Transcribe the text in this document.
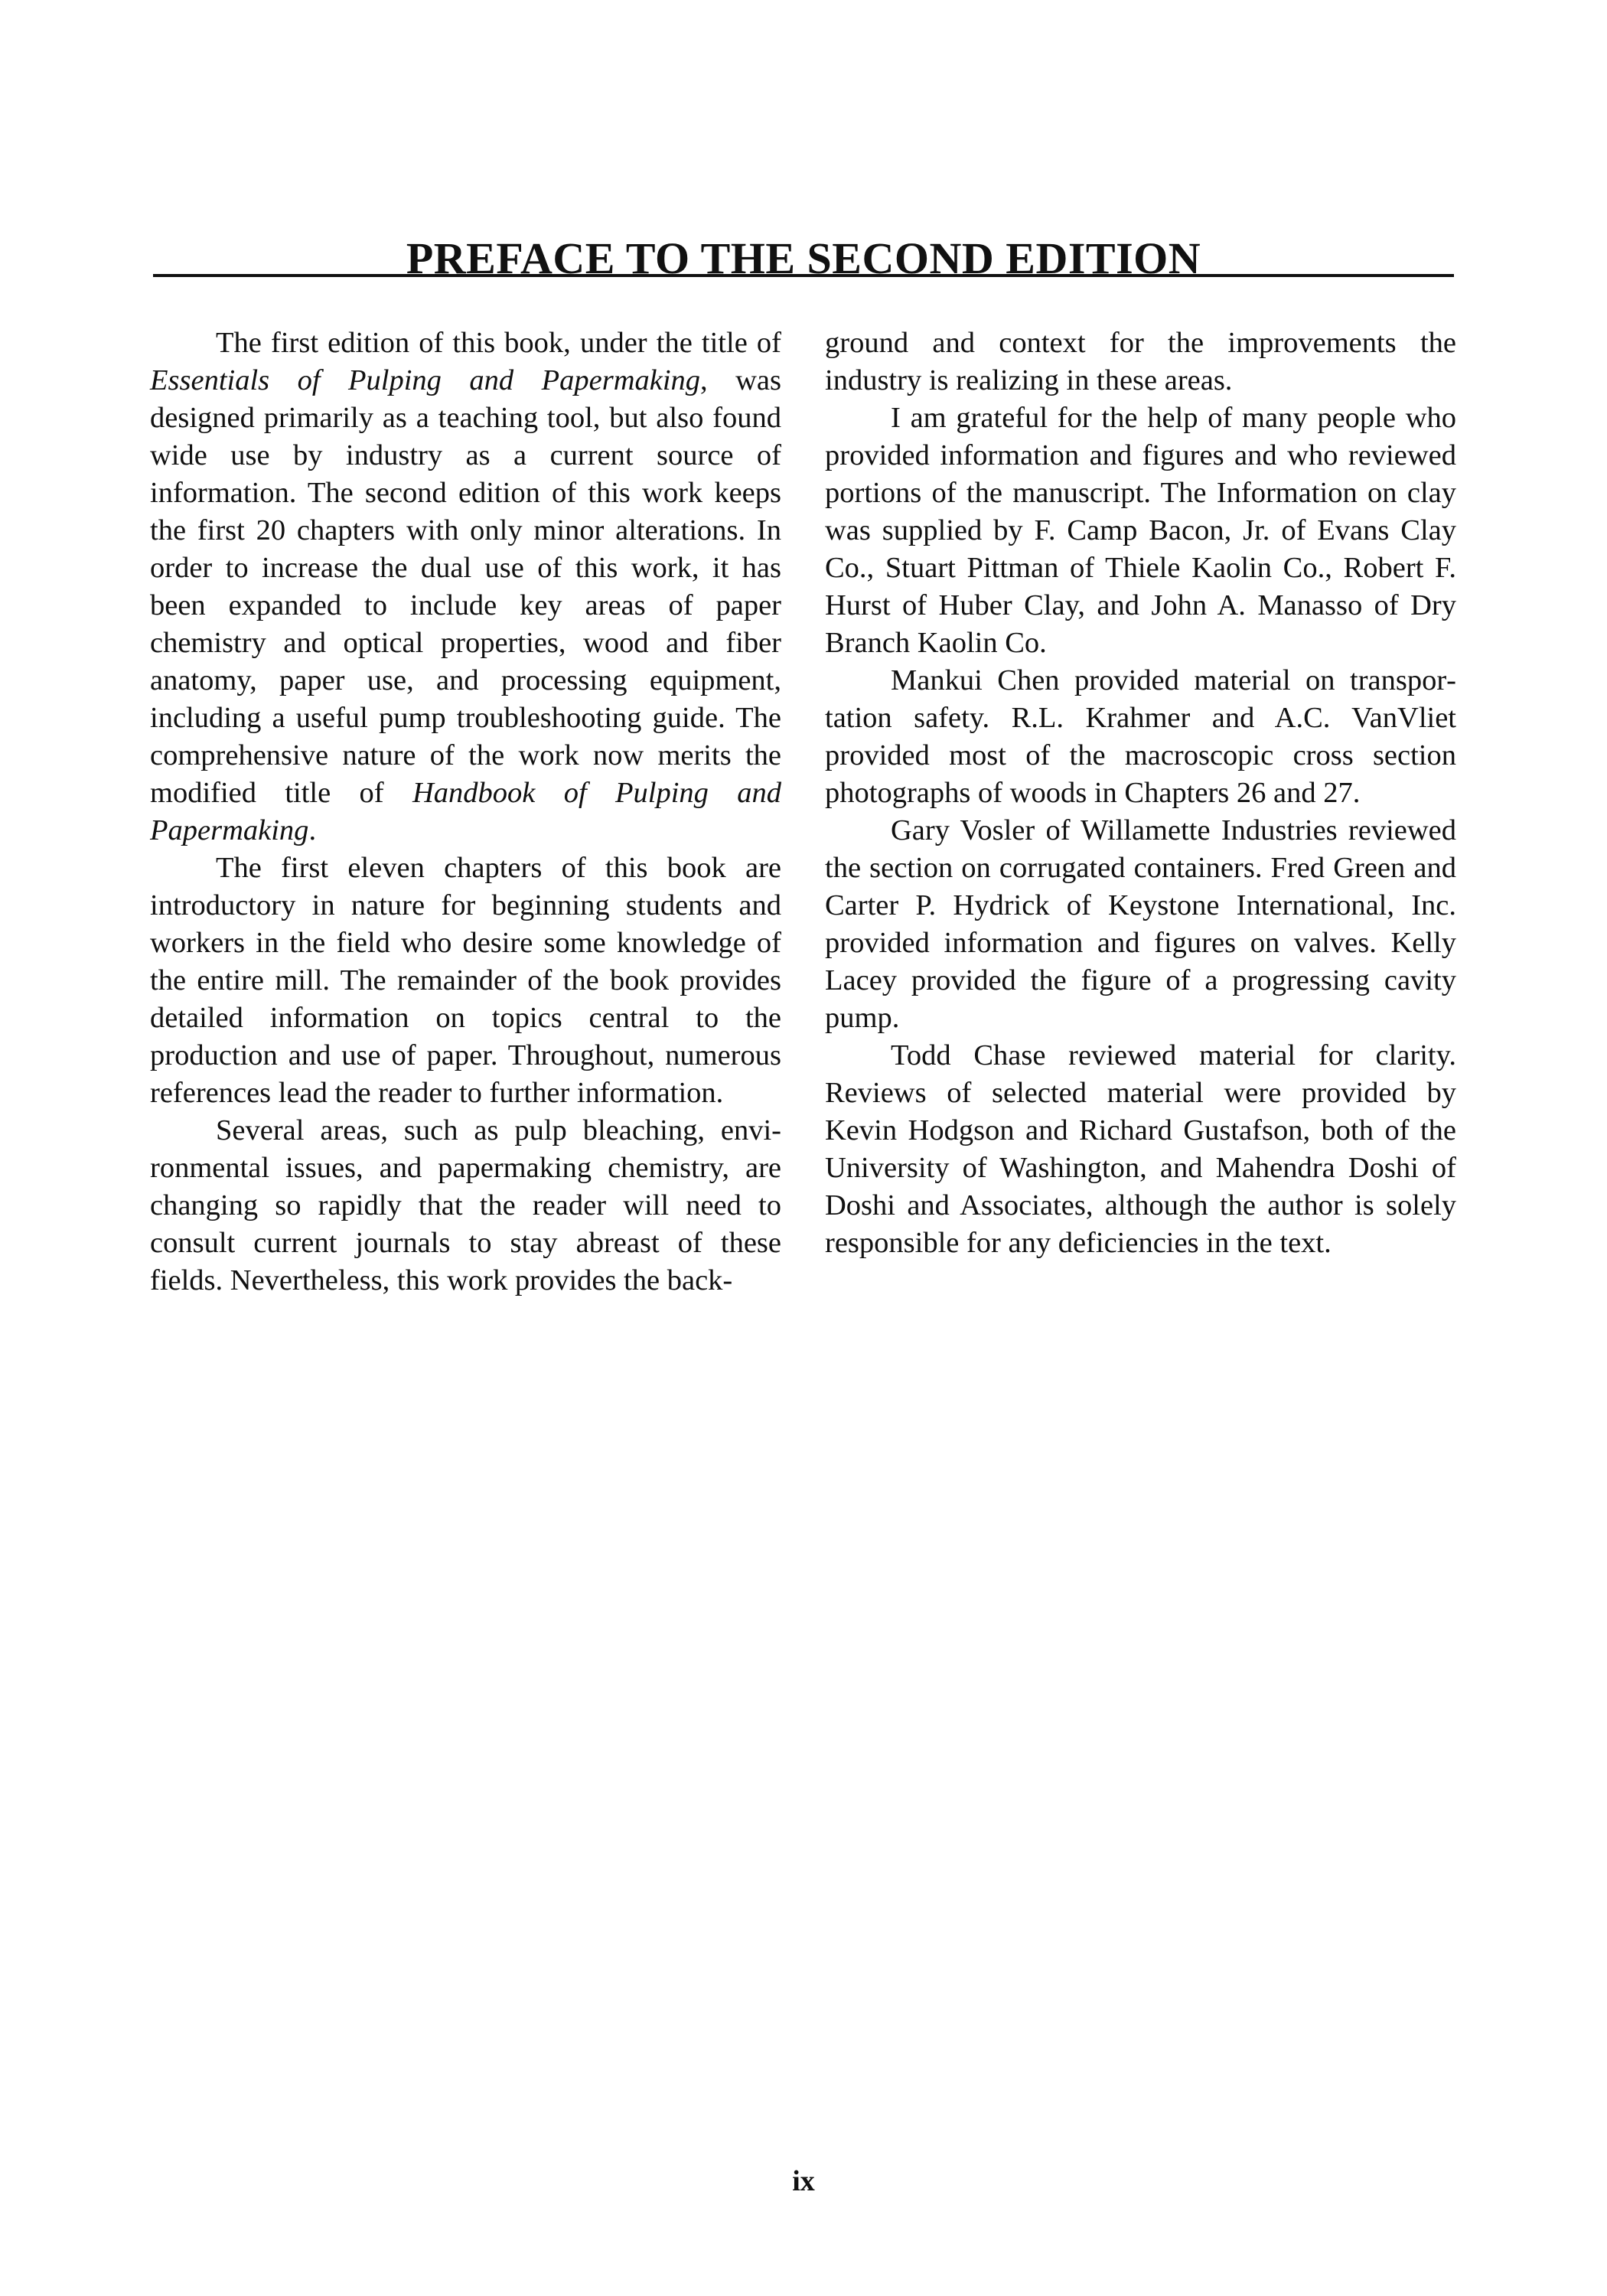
PREFACE TO THE SECOND EDITION

The first edition of this book, under the title of Essentials of Pulping and Papermaking, was designed primarily as a teaching tool, but also found wide use by industry as a current source of information. The second edition of this work keeps the first 20 chapters with only minor alterations. In order to increase the dual use of this work, it has been expanded to include key areas of paper chemistry and optical properties, wood and fiber anatomy, paper use, and processing equipment, including a useful pump troubleshooting guide. The comprehensive nature of the work now merits the modified title of Handbook of Pulping and Papermaking.

The first eleven chapters of this book are introductory in nature for beginning students and workers in the field who desire some knowledge of the entire mill. The remainder of the book provides detailed information on topics central to the production and use of paper. Throughout, numerous references lead the reader to further information.

Several areas, such as pulp bleaching, environmental issues, and papermaking chemistry, are changing so rapidly that the reader will need to consult current journals to stay abreast of these fields. Nevertheless, this work provides the back-

ground and context for the improvements the industry is realizing in these areas.

I am grateful for the help of many people who provided information and figures and who reviewed portions of the manuscript. The Information on clay was supplied by F. Camp Bacon, Jr. of Evans Clay Co., Stuart Pittman of Thiele Kaolin Co., Robert F. Hurst of Huber Clay, and John A. Manasso of Dry Branch Kaolin Co.

Mankui Chen provided material on transportation safety. R.L. Krahmer and A.C. VanVliet provided most of the macroscopic cross section photographs of woods in Chapters 26 and 27.

Gary Vosler of Willamette Industries reviewed the section on corrugated containers. Fred Green and Carter P. Hydrick of Keystone International, Inc. provided information and figures on valves. Kelly Lacey provided the figure of a progressing cavity pump.

Todd Chase reviewed material for clarity. Reviews of selected material were provided by Kevin Hodgson and Richard Gustafson, both of the University of Washington, and Mahendra Doshi of Doshi and Associates, although the author is solely responsible for any deficiencies in the text.

ix
